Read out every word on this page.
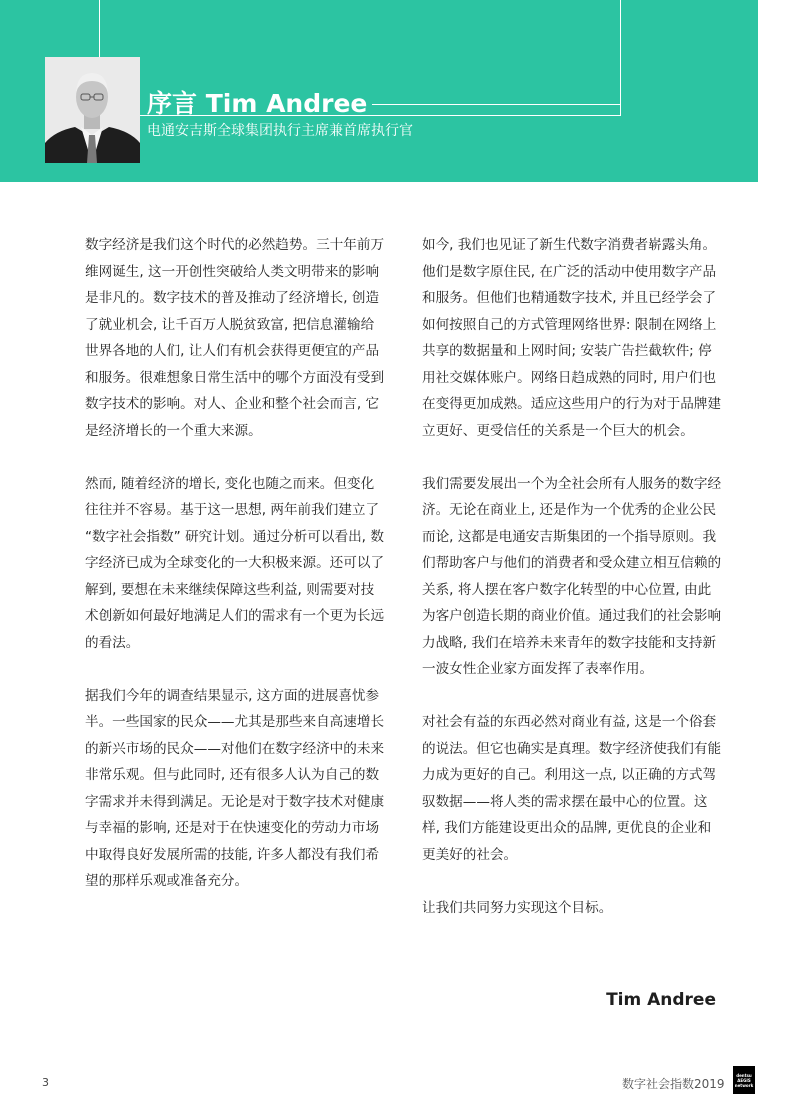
序言 Tim Andree
电通安吉斯全球集团执行主席兼首席执行官

数字经济是我们这个时代的必然趋势。三十年前万维网诞生, 这一开创性突破给人类文明带来的影响是非凡的。数字技术的普及推动了经济增长, 创造了就业机会, 让千百万人脱贫致富, 把信息灌输给世界各地的人们, 让人们有机会获得更便宜的产品和服务。很难想象日常生活中的哪个方面没有受到数字技术的影响。对人、企业和整个社会而言, 它是经济增长的一个重大来源。

然而, 随着经济的增长, 变化也随之而来。但变化往往并不容易。基于这一思想, 两年前我们建立了 “数字社会指数” 研究计划。通过分析可以看出, 数字经济已成为全球变化的一大积极来源。还可以了解到, 要想在未来继续保障这些利益, 则需要对技术创新如何最好地满足人们的需求有一个更为长远的看法。

据我们今年的调查结果显示, 这方面的进展喜忧参半。一些国家的民众——尤其是那些来自高速增长的新兴市场的民众——对他们在数字经济中的未来非常乐观。但与此同时, 还有很多人认为自己的数字需求并未得到满足。无论是对于数字技术对健康与幸福的影响, 还是对于在快速变化的劳动力市场中取得良好发展所需的技能, 许多人都没有我们希望的那样乐观或准备充分。

如今, 我们也见证了新生代数字消费者崭露头角。他们是数字原住民, 在广泛的活动中使用数字产品和服务。但他们也精通数字技术, 并且已经学会了如何按照自己的方式管理网络世界: 限制在网络上共享的数据量和上网时间; 安装广告拦截软件; 停用社交媒体账户。网络日趋成熟的同时, 用户们也在变得更加成熟。适应这些用户的行为对于品牌建立更好、更受信任的关系是一个巨大的机会。

我们需要发展出一个为全社会所有人服务的数字经济。无论在商业上, 还是作为一个优秀的企业公民而论, 这都是电通安吉斯集团的一个指导原则。我们帮助客户与他们的消费者和受众建立相互信赖的关系, 将人摆在客户数字化转型的中心位置, 由此为客户创造长期的商业价值。通过我们的社会影响力战略, 我们在培养未来青年的数字技能和支持新一波女性企业家方面发挥了表率作用。

对社会有益的东西必然对商业有益, 这是一个俗套的说法。但它也确实是真理。数字经济使我们有能力成为更好的自己。利用这一点, 以正确的方式驾驭数据——将人类的需求摆在最中心的位置。这样, 我们方能建设更出众的品牌, 更优良的企业和更美好的社会。

让我们共同努力实现这个目标。

Tim Andree
3	数字社会指数2019
dentsu
AEGIS
network
